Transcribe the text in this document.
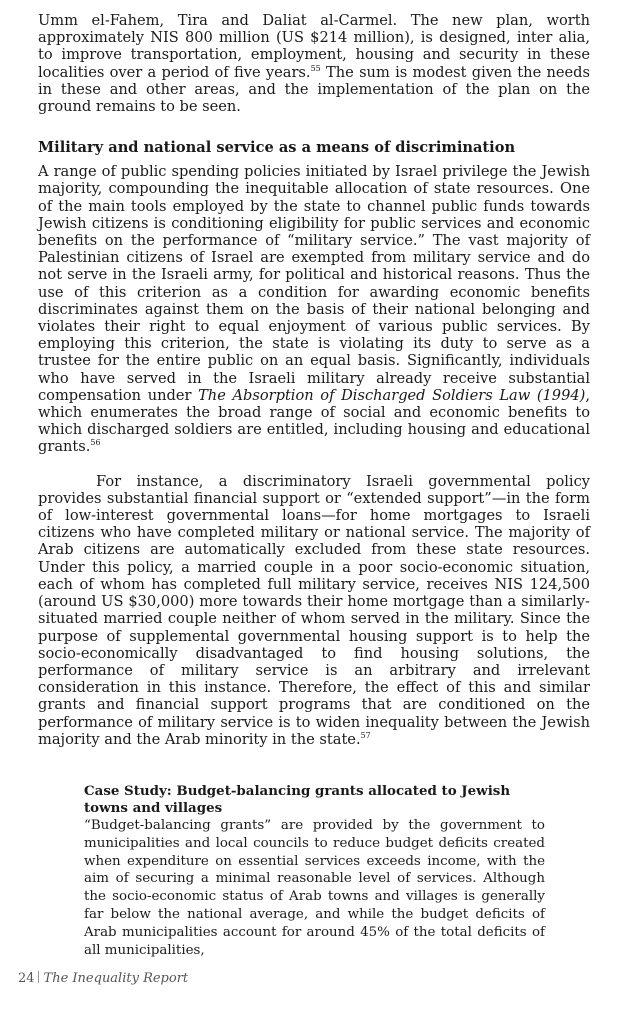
Umm el-Fahem, Tira and Daliat al-Carmel. The new plan, worth approximately NIS 800 million (US $214 million), is designed, inter alia, to improve transportation, employment, housing and security in these localities over a period of five years.$^{55}$ The sum is modest given the needs in these and other areas, and the implementation of the plan on the ground remains to be seen.

Military and national service as a means of discrimination

A range of public spending policies initiated by Israel privilege the Jewish majority, compounding the inequitable allocation of state resources. One of the main tools employed by the state to channel public funds towards Jewish citizens is conditioning eligibility for public services and economic benefits on the performance of “military service.” The vast majority of Palestinian citizens of Israel are exempted from military service and do not serve in the Israeli army, for political and historical reasons. Thus the use of this criterion as a condition for awarding economic benefits discriminates against them on the basis of their national belonging and violates their right to equal enjoyment of various public services. By employing this criterion, the state is violating its duty to serve as a trustee for the entire public on an equal basis. Significantly, individuals who have served in the Israeli military already receive substantial compensation under The Absorption of Discharged Soldiers Law (1994), which enumerates the broad range of social and economic benefits to which discharged soldiers are entitled, including housing and educational grants.$^{56}$

For instance, a discriminatory Israeli governmental policy provides substantial financial support or “extended support”—in the form of low-interest governmental loans—for home mortgages to Israeli citizens who have completed military or national service. The majority of Arab citizens are automatically excluded from these state resources. Under this policy, a married couple in a poor socio-economic situation, each of whom has completed full military service, receives NIS 124,500 (around US $30,000) more towards their home mortgage than a similarly-situated married couple neither of whom served in the military. Since the purpose of supplemental governmental housing support is to help the socio-economically disadvantaged to find housing solutions, the performance of military service is an arbitrary and irrelevant consideration in this instance. Therefore, the effect of this and similar grants and financial support programs that are conditioned on the performance of military service is to widen inequality between the Jewish majority and the Arab minority in the state.$^{57}$

Case Study: Budget-balancing grants allocated to Jewish towns and villages

“Budget-balancing grants” are provided by the government to municipalities and local councils to reduce budget deficits created when expenditure on essential services exceeds income, with the aim of securing a minimal reasonable level of services. Although the socio-economic status of Arab towns and villages is generally far below the national average, and while the budget deficits of Arab municipalities account for around 45% of the total deficits of all municipalities,

24 The Inequality Report
